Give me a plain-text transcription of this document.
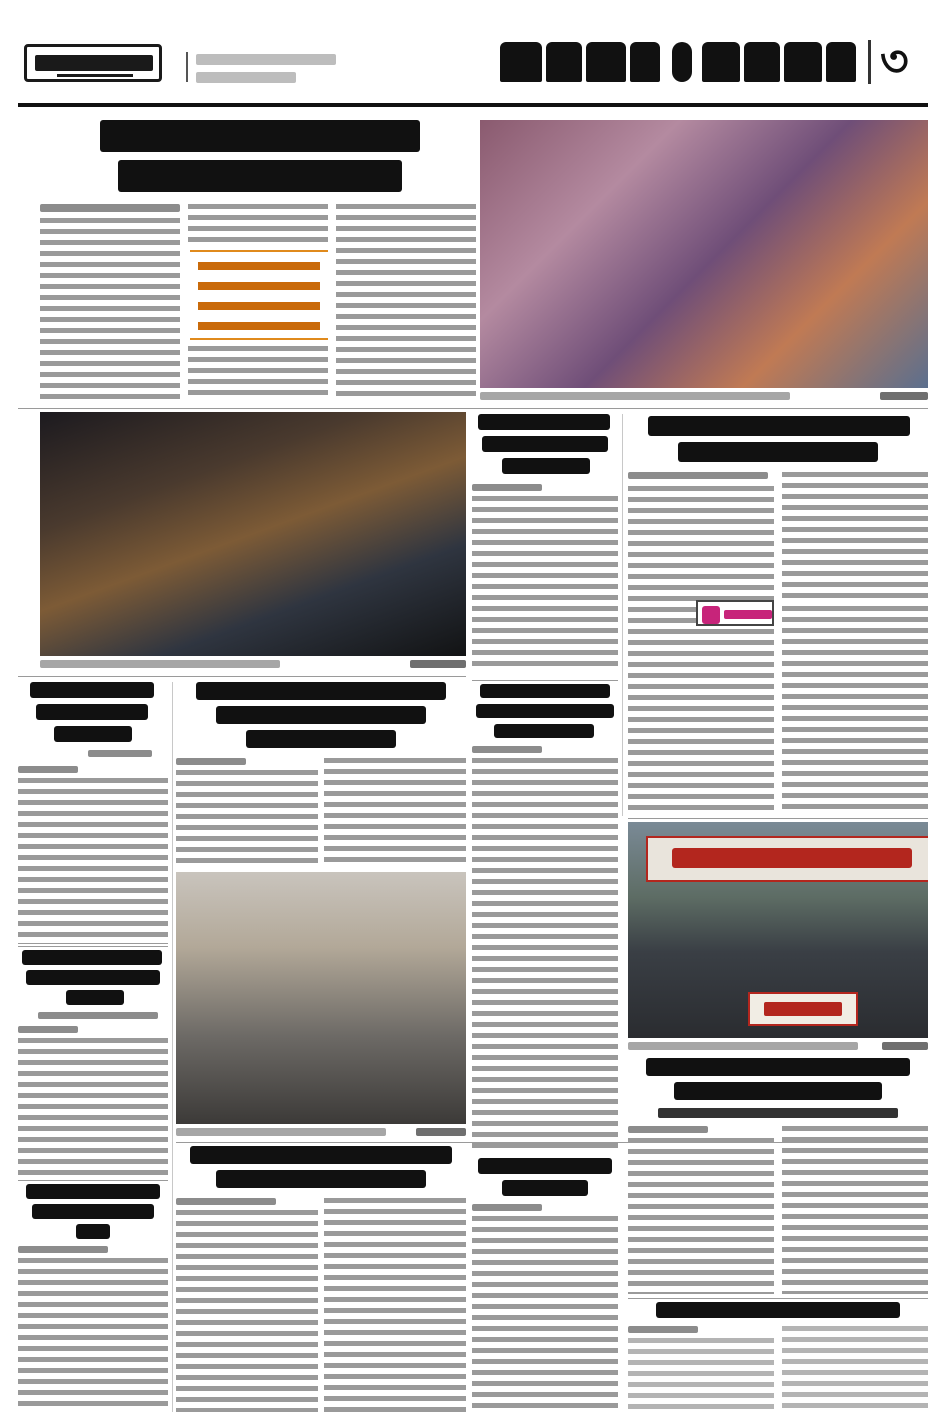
৩
